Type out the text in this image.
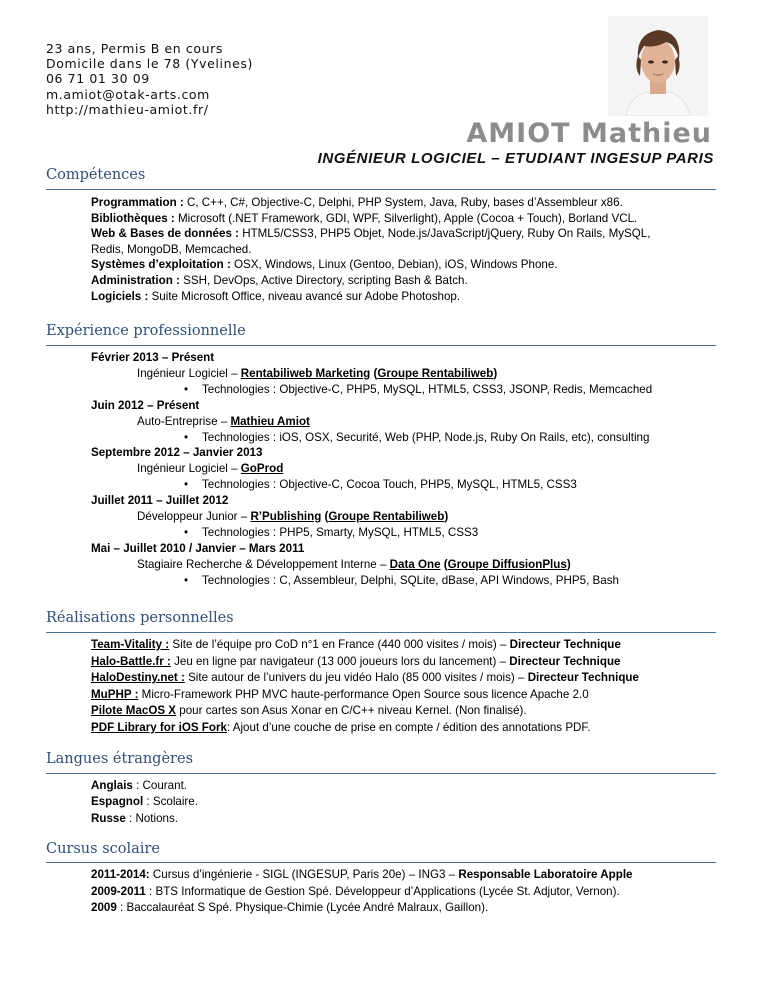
23 ans, Permis B en cours
Domicile dans le 78 (Yvelines)
06 71 01 30 09
m.amiot@otak-arts.com
http://mathieu-amiot.fr/
AMIOT Mathieu
INGÉNIEUR LOGICIEL – ETUDIANT INGESUP PARIS
Compétences
Programmation : C, C++, C#, Objective-C, Delphi, PHP System, Java, Ruby, bases d’Assembleur x86.
Bibliothèques : Microsoft (.NET Framework, GDI, WPF, Silverlight), Apple (Cocoa + Touch), Borland VCL.
Web & Bases de données : HTML5/CSS3, PHP5 Objet, Node.js/JavaScript/jQuery, Ruby On Rails, MySQL,
Redis, MongoDB, Memcached.
Systèmes d’exploitation : OSX, Windows, Linux (Gentoo, Debian), iOS, Windows Phone.
Administration : SSH, DevOps, Active Directory, scripting Bash & Batch.
Logiciels : Suite Microsoft Office, niveau avancé sur Adobe Photoshop.
Expérience professionnelle
Février 2013 – Présent
Ingénieur Logiciel – Rentabiliweb Marketing (Groupe Rentabiliweb)
• Technologies : Objective-C, PHP5, MySQL, HTML5, CSS3, JSONP, Redis, Memcached
Juin 2012 – Présent
Auto-Entreprise – Mathieu Amiot
• Technologies : iOS, OSX, Securité, Web (PHP, Node.js, Ruby On Rails, etc), consulting
Septembre 2012 – Janvier 2013
Ingénieur Logiciel – GoProd
• Technologies : Objective-C, Cocoa Touch, PHP5, MySQL, HTML5, CSS3
Juillet 2011 – Juillet 2012
Développeur Junior – R’Publishing (Groupe Rentabiliweb)
• Technologies : PHP5, Smarty, MySQL, HTML5, CSS3
Mai – Juillet 2010 / Janvier – Mars 2011
Stagiaire Recherche & Développement Interne – Data One (Groupe DiffusionPlus)
• Technologies : C, Assembleur, Delphi, SQLite, dBase, API Windows, PHP5, Bash
Réalisations personnelles
Team-Vitality : Site de l’équipe pro CoD n°1 en France (440 000 visites / mois) – Directeur Technique
Halo-Battle.fr : Jeu en ligne par navigateur (13 000 joueurs lors du lancement) – Directeur Technique
HaloDestiny.net : Site autour de l’univers du jeu vidéo Halo (85 000 visites / mois) – Directeur Technique
MuPHP : Micro-Framework PHP MVC haute-performance Open Source sous licence Apache 2.0
Pilote MacOS X pour cartes son Asus Xonar en C/C++ niveau Kernel. (Non finalisé).
PDF Library for iOS Fork: Ajout d’une couche de prise en compte / édition des annotations PDF.
Langues étrangères
Anglais : Courant.
Espagnol : Scolaire.
Russe : Notions.
Cursus scolaire
2011-2014: Cursus d’ingénierie - SIGL (INGESUP, Paris 20e) – ING3 – Responsable Laboratoire Apple
2009-2011 : BTS Informatique de Gestion Spé. Développeur d’Applications (Lycée St. Adjutor, Vernon).
2009 : Baccalauréat S Spé. Physique-Chimie (Lycée André Malraux, Gaillon).
